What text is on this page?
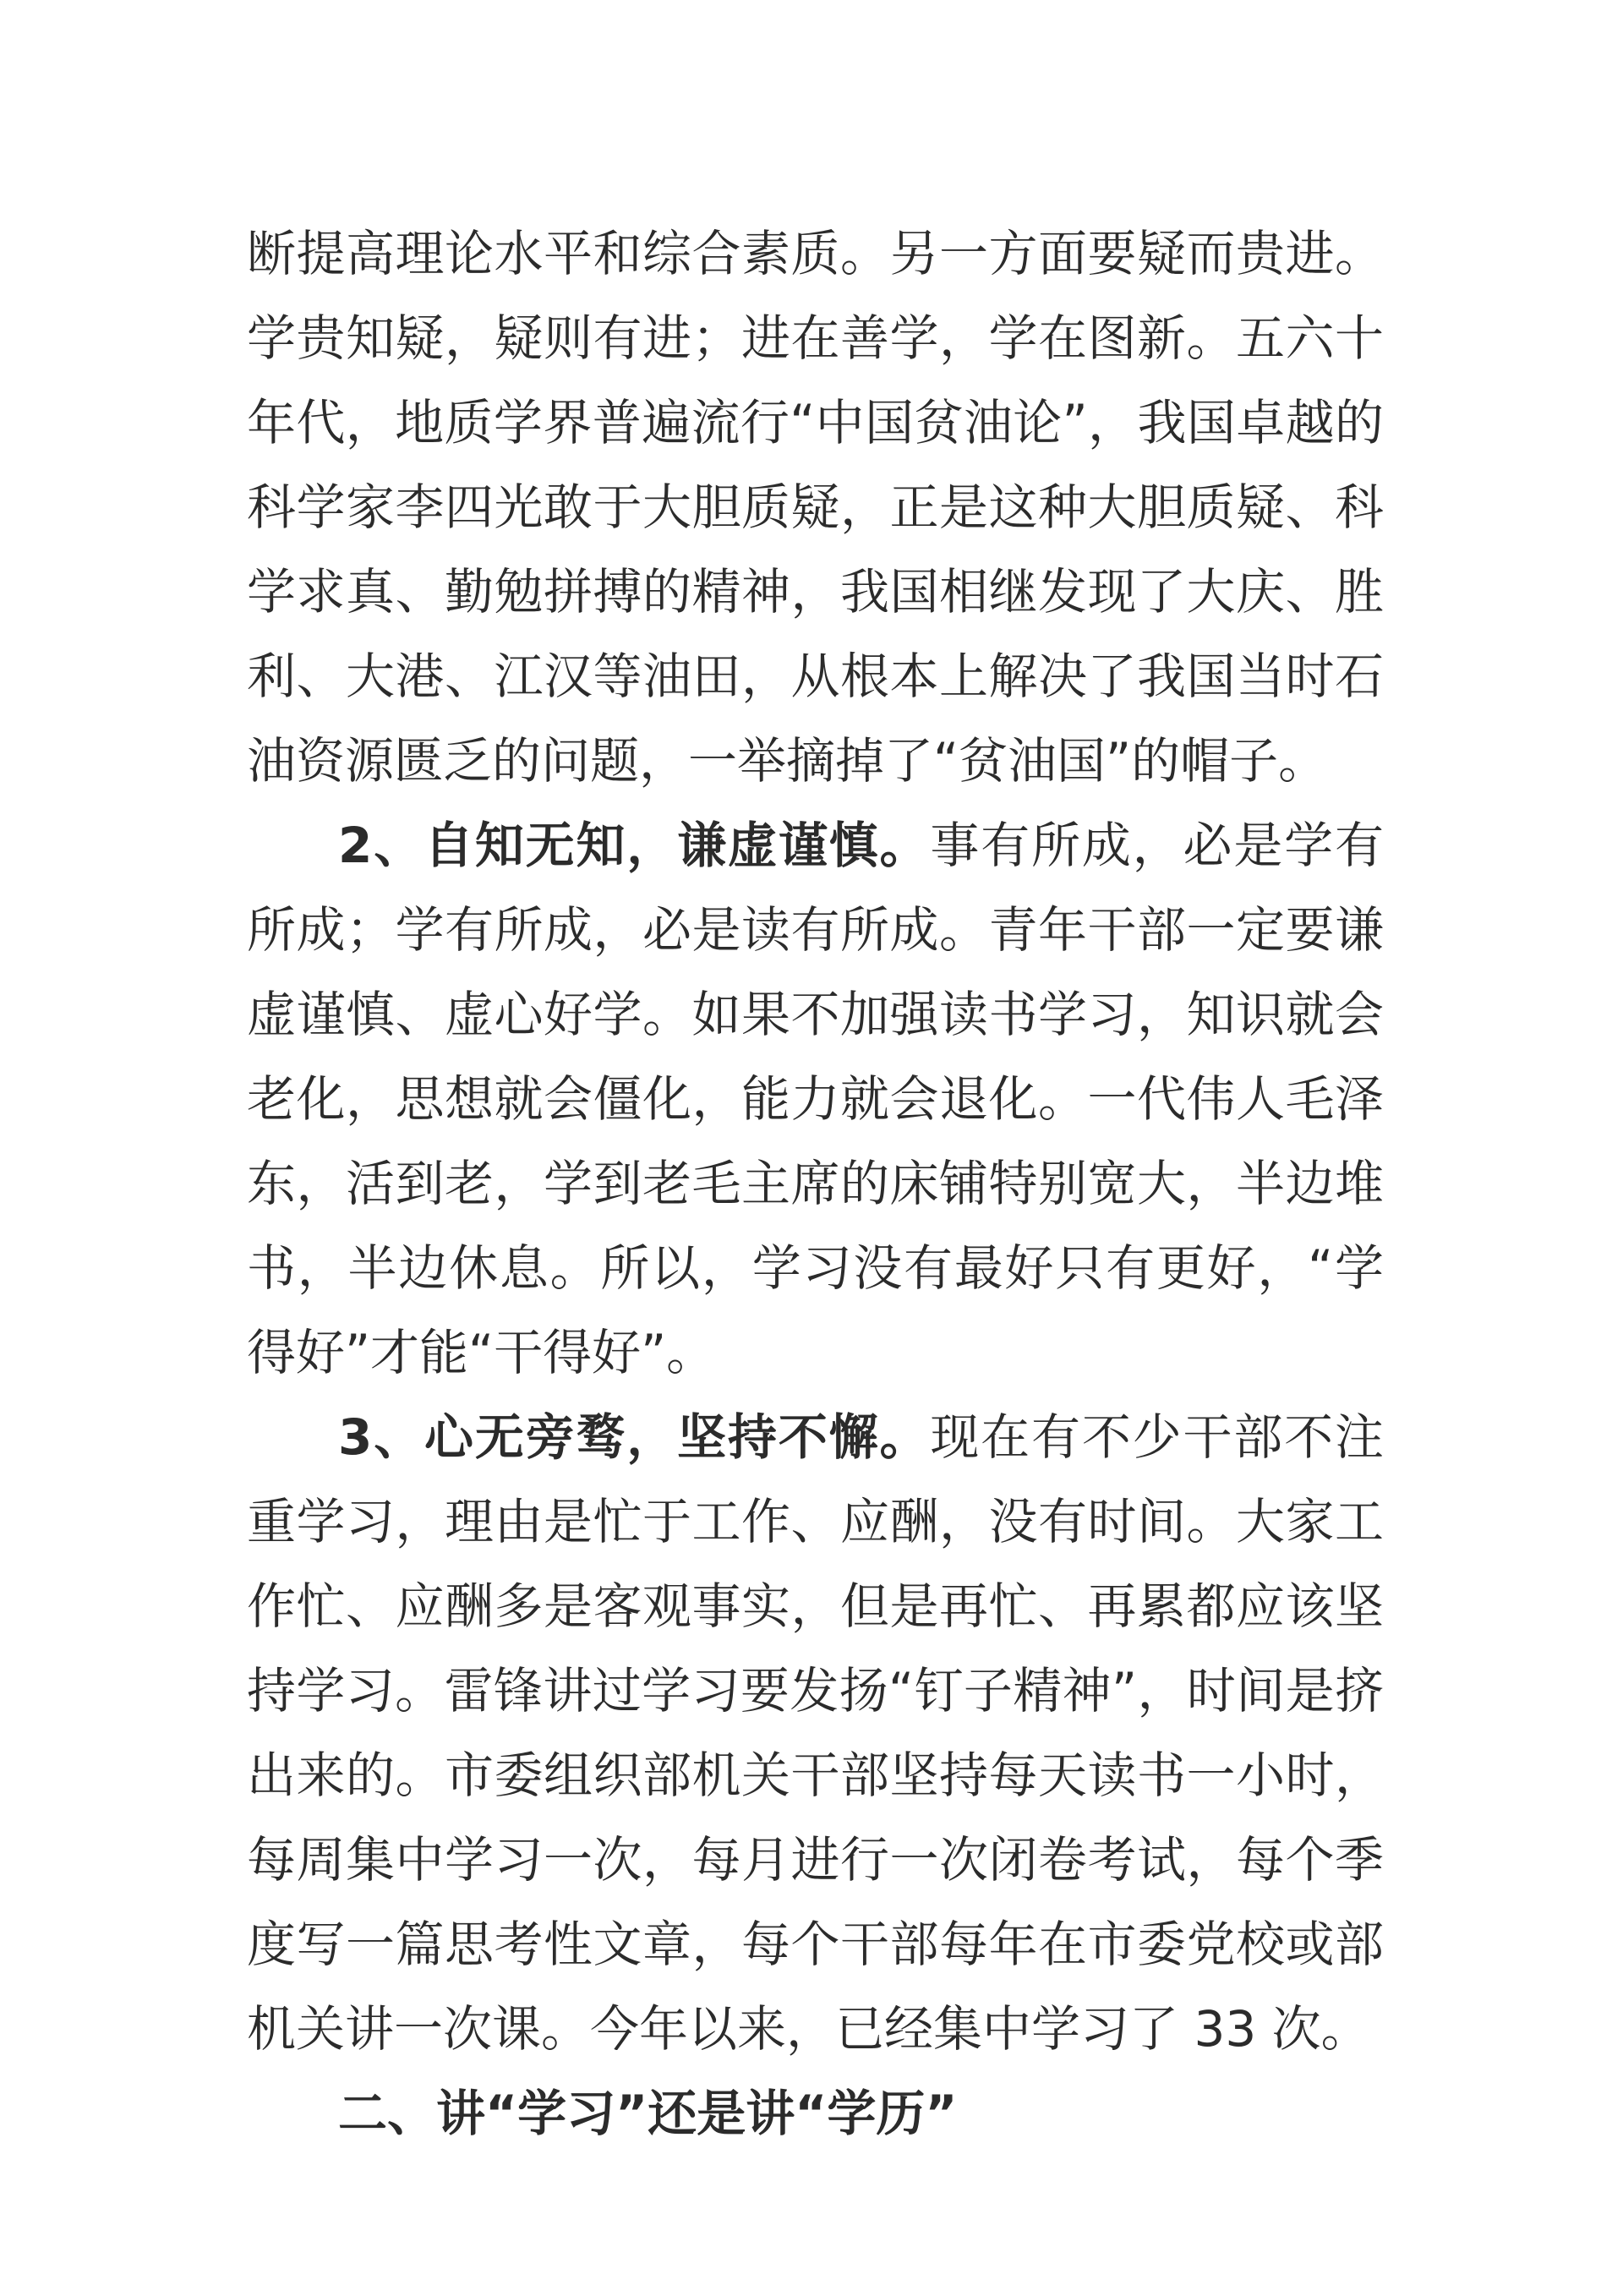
断提高理论水平和综合素质。另一方面要疑而贵进。学贵知疑，疑则有进；进在善学，学在图新。五六十年代，地质学界普遍流行“中国贫油论”，我国卓越的科学家李四光敢于大胆质疑，正是这种大胆质疑、科学求真、勤勉拼搏的精神，我国相继发现了大庆、胜利、大港、江汉等油田，从根本上解决了我国当时石油资源匮乏的问题，一举摘掉了“贫油国”的帽子。

2、自知无知，谦虚谨慎。事有所成，必是学有所成；学有所成，必是读有所成。青年干部一定要谦虚谨慎、虚心好学。如果不加强读书学习，知识就会老化，思想就会僵化，能力就会退化。一代伟人毛泽东，活到老，学到老毛主席的床铺特别宽大，半边堆书，半边休息。所以，学习没有最好只有更好，“学得好”才能“干得好”。

3、心无旁骛，坚持不懈。现在有不少干部不注重学习，理由是忙于工作、应酬，没有时间。大家工作忙、应酬多是客观事实，但是再忙、再累都应该坚持学习。雷锋讲过学习要发扬“钉子精神”，时间是挤出来的。市委组织部机关干部坚持每天读书一小时，每周集中学习一次，每月进行一次闭卷考试，每个季度写一篇思考性文章，每个干部每年在市委党校或部机关讲一次课。今年以来，已经集中学习了 33 次。

二、讲“学习”还是讲“学历”
